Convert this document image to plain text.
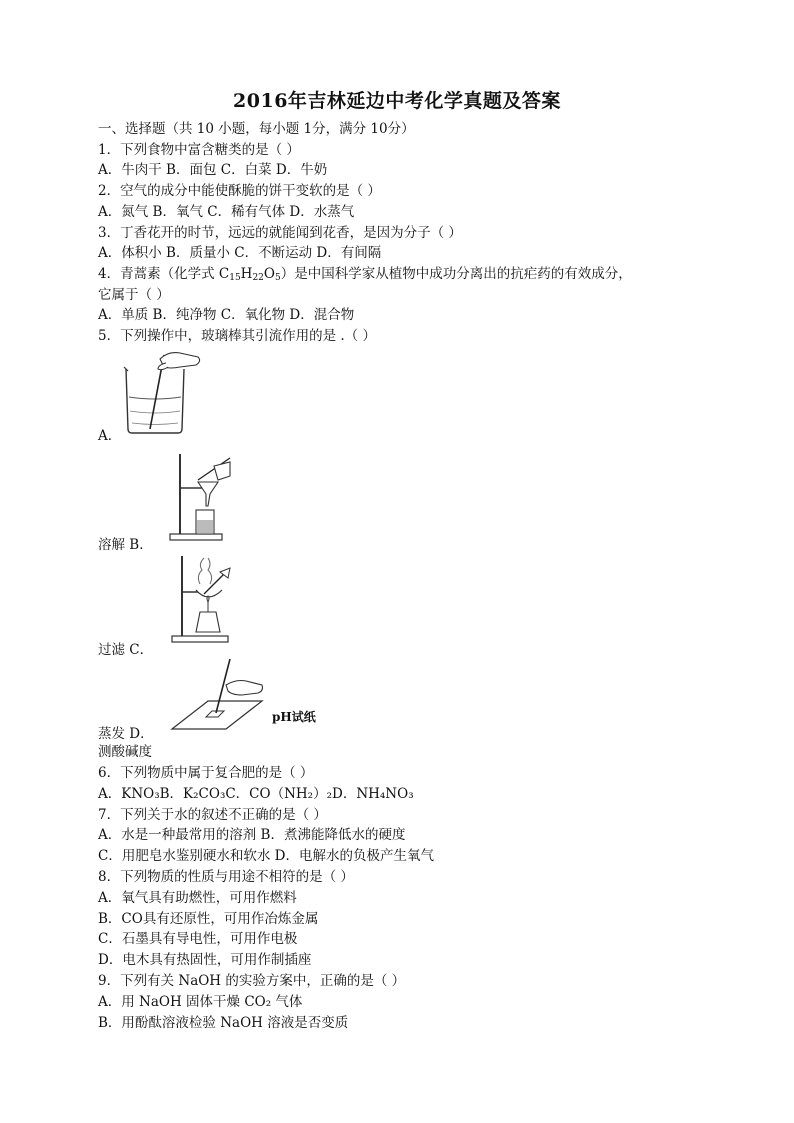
2016年吉林延边中考化学真题及答案
一、选择题（共 10 小题，每小题 1分，满分 10分）
1．下列食物中富含糖类的是（ ）
A．牛肉干 B．面包 C．白菜 D．牛奶
2．空气的成分中能使酥脆的饼干变软的是（ ）
A．氮气 B．氧气 C．稀有气体 D．水蒸气
3．丁香花开的时节，远远的就能闻到花香，是因为分子（ ）
A．体积小 B．质量小 C．不断运动 D．有间隔
4．青蒿素（化学式 $C_{15}H_{22}O_5$）是中国科学家从植物中成功分离出的抗疟药的有效成分，
它属于（ ）
A．单质 B．纯净物 C．氧化物 D．混合物
5．下列操作中，玻璃棒其引流作用的是 .（ ）
A．
溶解 B．
过滤 C．
pH试纸
蒸发 D．
测酸碱度
6．下列物质中属于复合肥的是（ ）
A．KNO₃B．K₂CO₃C．CO（NH₂）₂D．NH₄NO₃
7．下列关于水的叙述不正确的是（ ）
A．水是一种最常用的溶剂 B．煮沸能降低水的硬度
C．用肥皂水鉴别硬水和软水 D．电解水的负极产生氧气
8．下列物质的性质与用途不相符的是（ ）
A．氧气具有助燃性，可用作燃料
B．CO具有还原性，可用作冶炼金属
C．石墨具有导电性，可用作电极
D．电木具有热固性，可用作制插座
9．下列有关 NaOH 的实验方案中，正确的是（ ）
A．用 NaOH 固体干燥 CO₂ 气体
B．用酚酞溶液检验 NaOH 溶液是否变质
